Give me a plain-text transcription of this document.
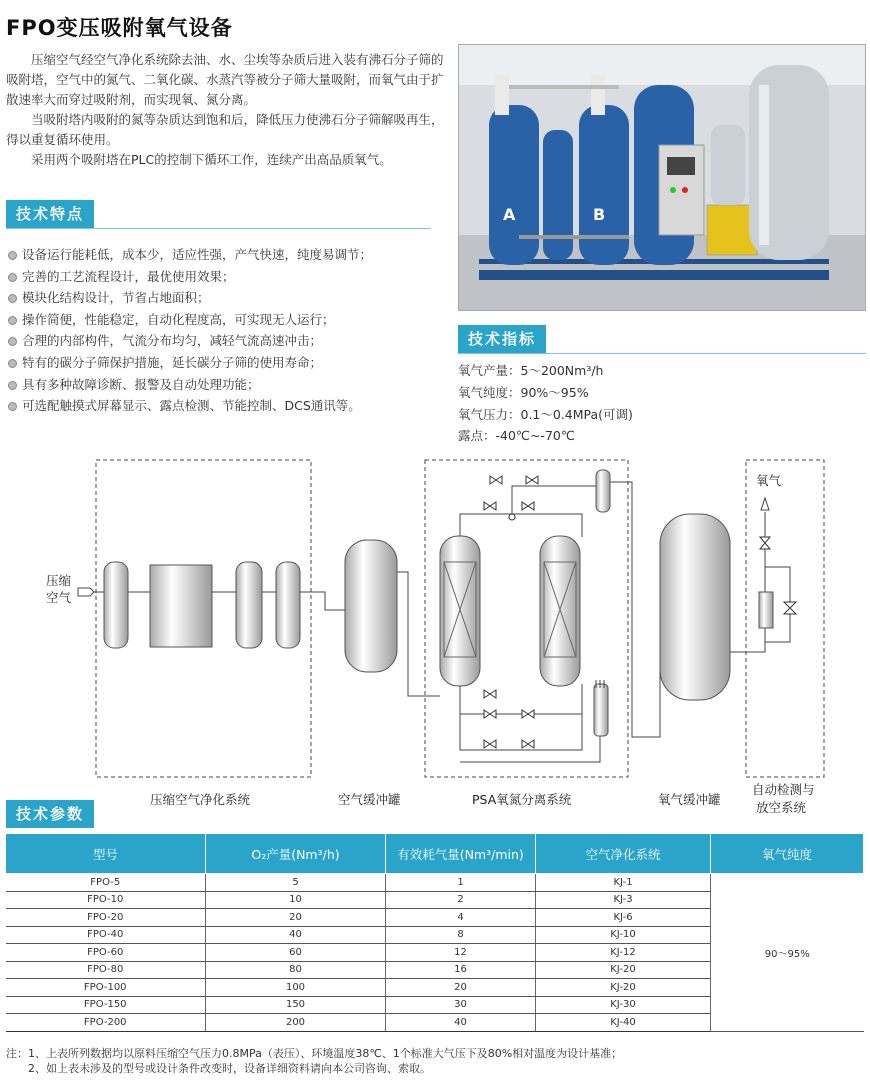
FPO变压吸附氧气设备

压缩空气经空气净化系统除去油、水、尘埃等杂质后进入装有沸石分子筛的吸附塔，空气中的氮气、二氧化碳、水蒸汽等被分子筛大量吸附，而氧气由于扩散速率大而穿过吸附剂，而实现氧、氮分离。

当吸附塔内吸附的氮等杂质达到饱和后，降低压力使沸石分子筛解吸再生，得以重复循环使用。

采用两个吸附塔在PLC的控制下循环工作，连续产出高品质氧气。

技术特点
设备运行能耗低，成本少，适应性强，产气快速，纯度易调节；
完善的工艺流程设计，最优使用效果；
模块化结构设计，节省占地面积；
操作简便，性能稳定，自动化程度高，可实现无人运行；
合理的内部构件，气流分布均匀，减轻气流高速冲击；
特有的碳分子筛保护措施，延长碳分子筛的使用寿命；
具有多种故障诊断、报警及自动处理功能；
可选配触摸式屏幕显示、露点检测、节能控制、DCS通讯等。
A	B
技术指标
氧气产量：5～200Nm³/h
氧气纯度：90%～95%
氧气压力：0.1～0.4MPa(可调)
露点：-40℃~-70℃
压缩
空气
氧气
压缩空气净化系统	空气缓冲罐	PSA氧氮分离系统	氧气缓冲罐
自动检测与
放空系统
技术参数
型号	O₂产量(Nm³/h)	有效耗气量(Nm³/min)	空气净化系统	氧气纯度
FPO-5	5	1	KJ-1	90～95%
FPO-10	10	2	KJ-3	
FPO-20	20	4	KJ-6	
FPO-40	40	8	KJ-10	
FPO-60	60	12	KJ-12	
FPO-80	80	16	KJ-20	
FPO-100	100	20	KJ-20	
FPO-150	150	30	KJ-30	
FPO-200	200	40	KJ-40	
注：1、上表所列数据均以原料压缩空气压力0.8MPa（表压）、环境温度38℃、1个标准大气压下及80%相对温度为设计基准；
　　2、如上表未涉及的型号或设计条件改变时，设备详细资料请向本公司咨询、索取。
